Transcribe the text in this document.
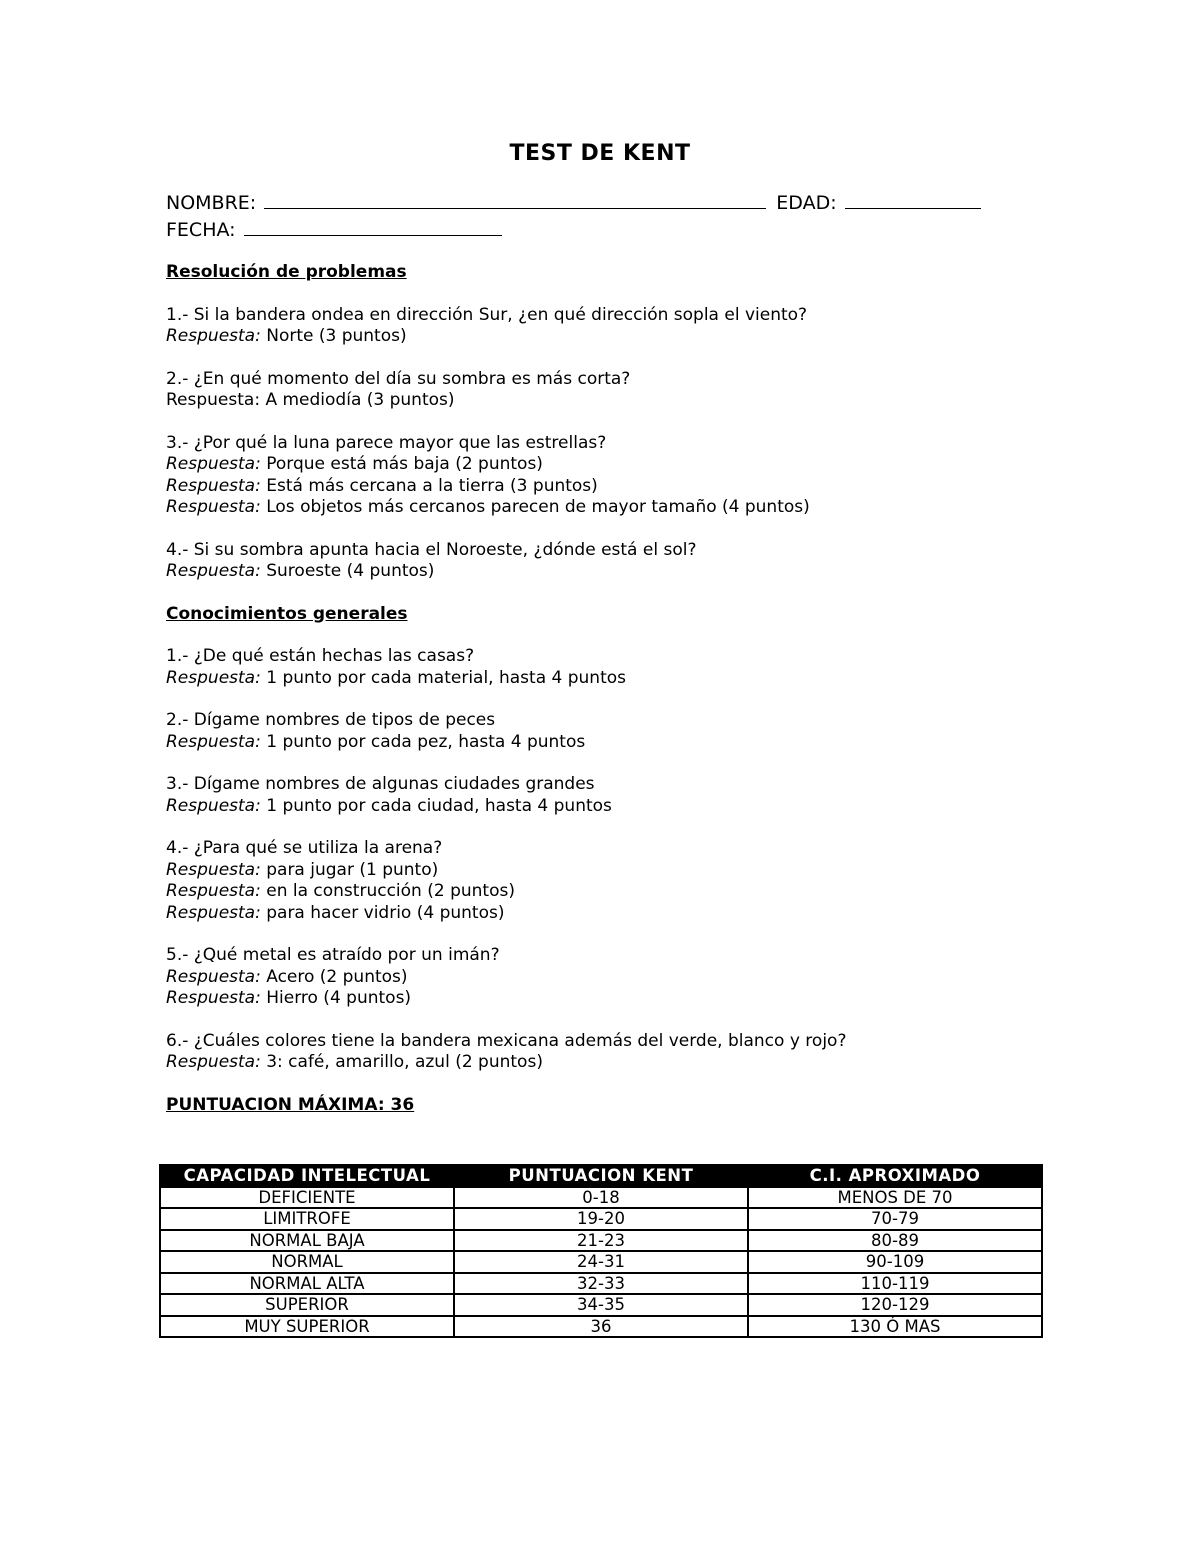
TEST DE KENT
NOMBRE:	EDAD:
FECHA:
Resolución de problemas
1.- Si la bandera ondea en dirección Sur, ¿en qué dirección sopla el viento?
Respuesta: Norte (3 puntos)
2.- ¿En qué momento del día su sombra es más corta?
Respuesta: A mediodía (3 puntos)
3.- ¿Por qué la luna parece mayor que las estrellas?
Respuesta: Porque está más baja (2 puntos)
Respuesta: Está más cercana a la tierra (3 puntos)
Respuesta: Los objetos más cercanos parecen de mayor tamaño (4 puntos)
4.- Si su sombra apunta hacia el Noroeste, ¿dónde está el sol?
Respuesta: Suroeste (4 puntos)
Conocimientos generales
1.- ¿De qué están hechas las casas?
Respuesta: 1 punto por cada material, hasta 4 puntos
2.- Dígame nombres de tipos de peces
Respuesta: 1 punto por cada pez, hasta 4 puntos
3.- Dígame nombres de algunas ciudades grandes
Respuesta: 1 punto por cada ciudad, hasta 4 puntos
4.- ¿Para qué se utiliza la arena?
Respuesta: para jugar (1 punto)
Respuesta: en la construcción (2 puntos)
Respuesta: para hacer vidrio (4 puntos)
5.- ¿Qué metal es atraído por un imán?
Respuesta: Acero (2 puntos)
Respuesta: Hierro (4 puntos)
6.- ¿Cuáles colores tiene la bandera mexicana además del verde, blanco y rojo?
Respuesta: 3: café, amarillo, azul (2 puntos)
PUNTUACION MÁXIMA: 36
CAPACIDAD INTELECTUAL	PUNTUACION KENT	C.I. APROXIMADO
DEFICIENTE	0-18	MENOS DE 70
LIMITROFE	19-20	70-79
NORMAL BAJA	21-23	80-89
NORMAL	24-31	90-109
NORMAL ALTA	32-33	110-119
SUPERIOR	34-35	120-129
MUY SUPERIOR	36	130 Ó MAS
